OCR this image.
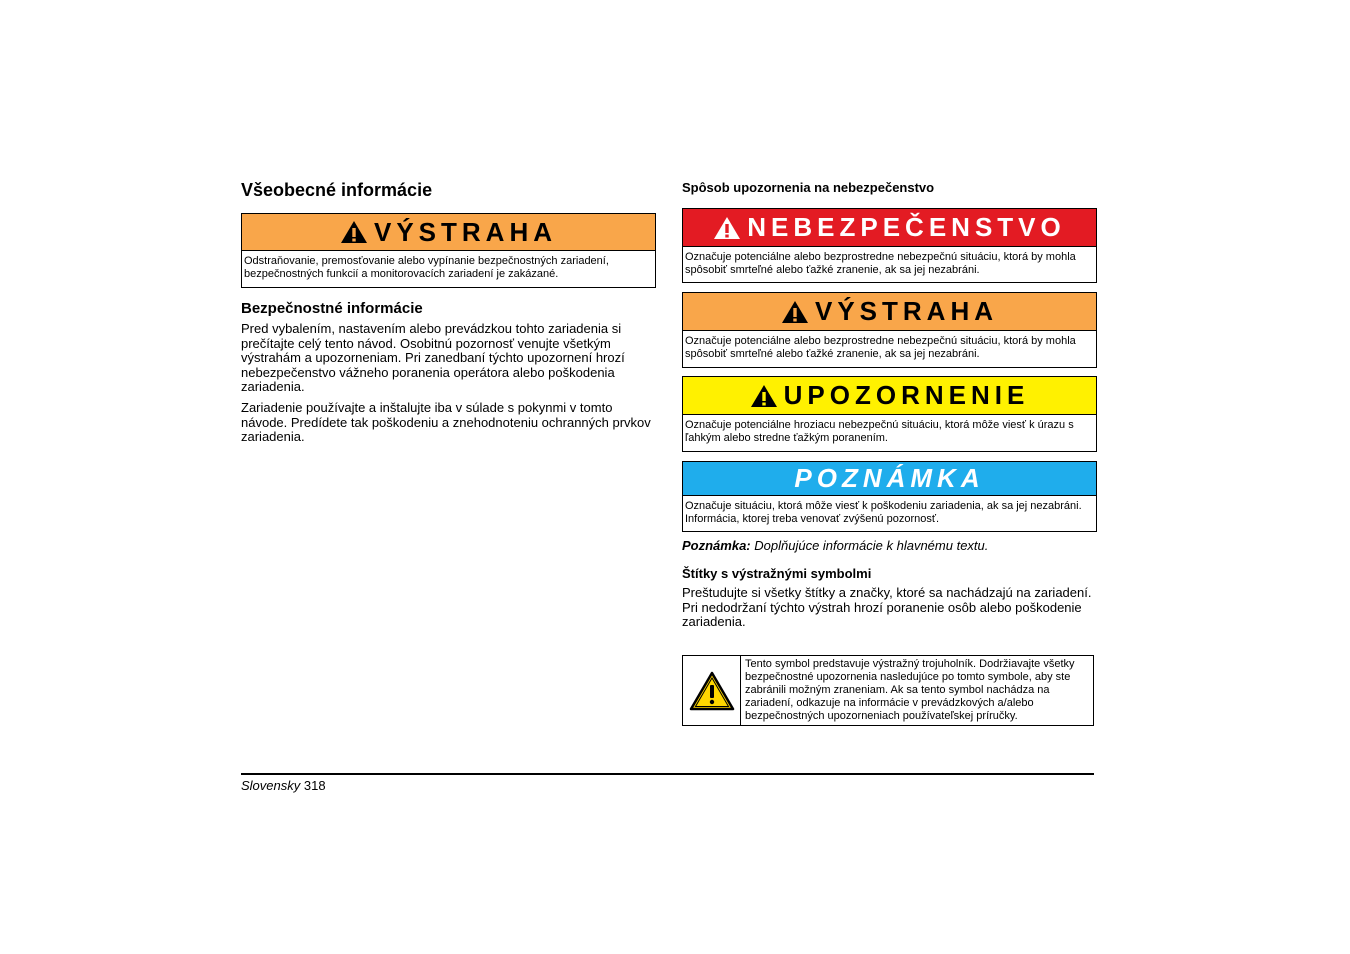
Všeobecné informácie
VÝSTRAHA
Odstraňovanie, premosťovanie alebo vypínanie bezpečnostných zariadení, bezpečnostných funkcií a monitorovacích zariadení je zakázané.
Bezpečnostné informácie
Pred vybalením, nastavením alebo prevádzkou tohto zariadenia si prečítajte celý tento návod. Osobitnú pozornosť venujte všetkým výstrahám a upozorneniam. Pri zanedbaní týchto upozornení hrozí nebezpečenstvo vážneho poranenia operátora alebo poškodenia zariadenia.
Zariadenie používajte a inštalujte iba v súlade s pokynmi v tomto návode. Predídete tak poškodeniu a znehodnoteniu ochranných prvkov zariadenia.
Spôsob upozornenia na nebezpečenstvo
NEBEZPEČENSTVO
Označuje potenciálne alebo bezprostredne nebezpečnú situáciu, ktorá by mohla spôsobiť smrteľné alebo ťažké zranenie, ak sa jej nezabráni.
VÝSTRAHA
Označuje potenciálne alebo bezprostredne nebezpečnú situáciu, ktorá by mohla spôsobiť smrteľné alebo ťažké zranenie, ak sa jej nezabráni.
UPOZORNENIE
Označuje potenciálne hroziacu nebezpečnú situáciu, ktorá môže viesť k úrazu s ľahkým alebo stredne ťažkým poranením.
POZNÁMKA
Označuje situáciu, ktorá môže viesť k poškodeniu zariadenia, ak sa jej nezabráni. Informácia, ktorej treba venovať zvýšenú pozornosť.
Poznámka: Doplňujúce informácie k hlavnému textu.
Štítky s výstražnými symbolmi
Preštudujte si všetky štítky a značky, ktoré sa nachádzajú na zariadení. Pri nedodržaní týchto výstrah hrozí poranenie osôb alebo poškodenie zariadenia.
Tento symbol predstavuje výstražný trojuholník. Dodržiavajte všetky bezpečnostné upozornenia nasledujúce po tomto symbole, aby ste zabránili možným zraneniam. Ak sa tento symbol nachádza na zariadení, odkazuje na informácie v prevádzkových a/alebo bezpečnostných upozorneniach používateľskej príručky.
Slovensky 318
